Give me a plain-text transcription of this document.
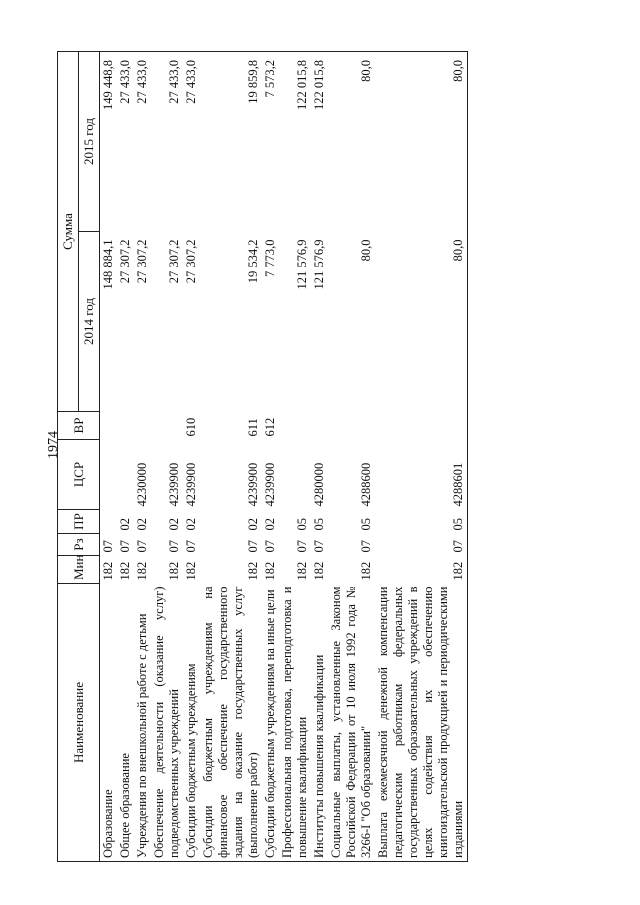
1974
Наименование	Мин	Рз	ПР	ЦСР	ВР	Сумма	
						2014 год	2015 год
Образование	182	07				148 884,1	149 448,8
Общее образование	182	07	02			27 307,2	27 433,0
Учреждения по внешкольной работе с детьми	182	07	02	4230000		27 307,2	27 433,0
Обеспечение деятельности (оказание услуг) подведомственных учреждений	182	07	02	4239900		27 307,2	27 433,0
Субсидии бюджетным учреждениям	182	07	02	4239900	610	27 307,2	27 433,0
Субсидии бюджетным учреждениям на финансовое обеспечение государственного задания на оказание государственных услуг (выполнение работ)	182	07	02	4239900	611	19 534,2	19 859,8
Субсидии бюджетным учреждениям на иные цели	182	07	02	4239900	612	7 773,0	7 573,2
Профессиональная подготовка, переподготовка и повышение квалификации	182	07	05			121 576,9	122 015,8
Институты повышения квалификации	182	07	05	4280000		121 576,9	122 015,8
Социальные выплаты, установленные Законом Российской Федерации от 10 июля 1992 года № 3266-I "Об образовании"	182	07	05	4288600		80,0	80,0
Выплата ежемесячной денежной компенсации педагогическим работникам федеральных государственных образовательных учреждений в целях содействия их обеспечению книгоиздательской продукцией и периодическими изданиями	182	07	05	4288601		80,0	80,0
